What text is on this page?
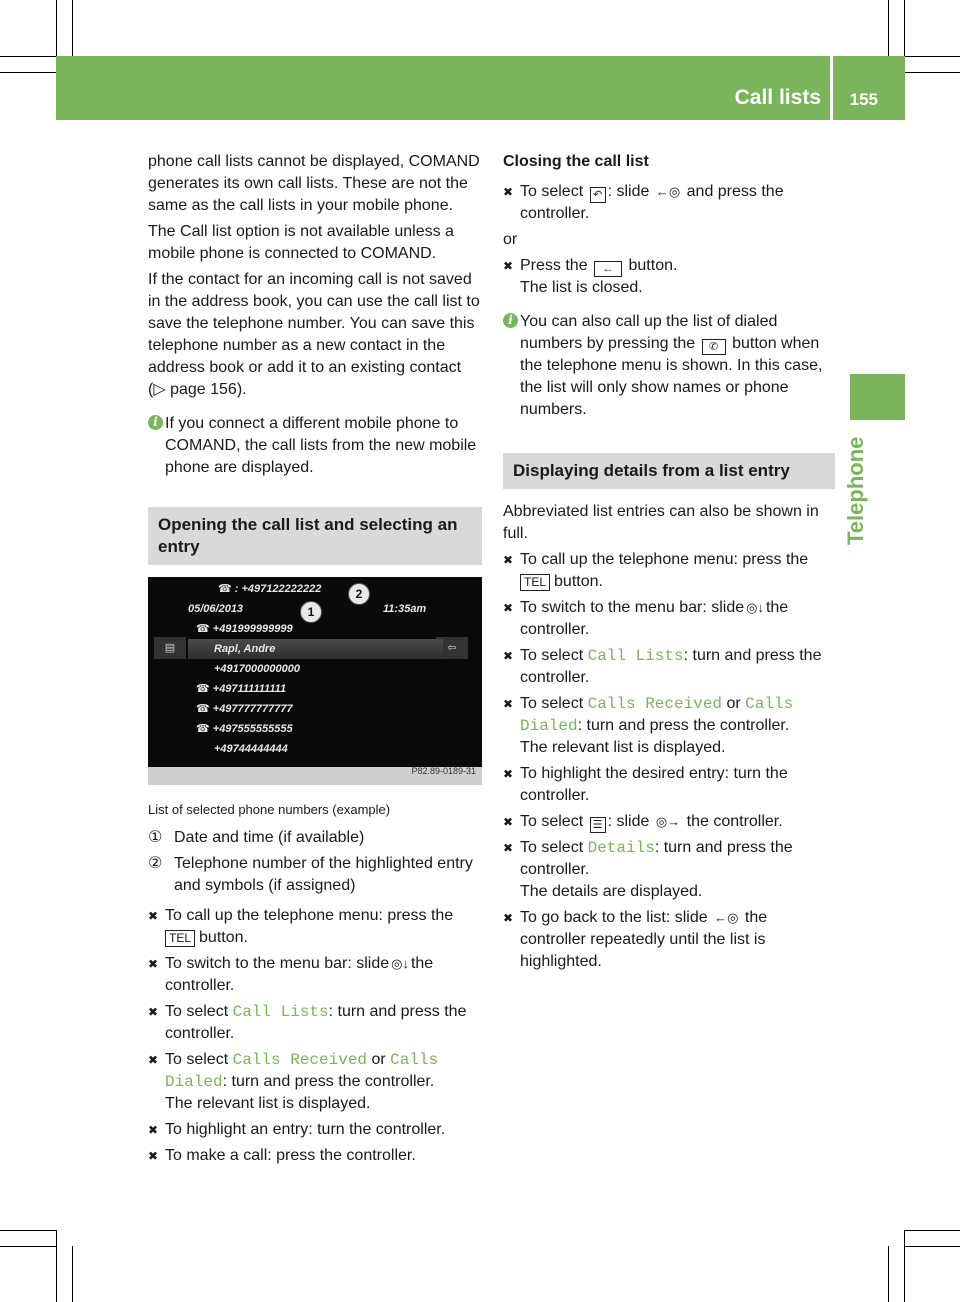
Call lists 155
Telephone

phone call lists cannot be displayed, COMAND generates its own call lists. These are not the same as the call lists in your mobile phone.

The Call list option is not available unless a mobile phone is connected to COMAND.

If the contact for an incoming call is not saved in the address book, you can use the call list to save the telephone number. You can save this telephone number as a new contact in the address book or add it to an existing contact (▷ page 156).

i If you connect a different mobile phone to COMAND, the call lists from the new mobile phone are displayed.
Opening the call list and selecting an entry
▤	⇦
☎ : +497122222222
05/06/2013	11:35am
☎ +491999999999
Rapl, Andre
+4917000000000
☎ +497111111111
☎ +497777777777
☎ +497555555555
+49744444444
1
2
P82.89-0189-31
List of selected phone numbers (example)
① Date and time (if available)
② Telephone number of the highlighted entry and symbols (if assigned)
✖ To call up the telephone menu: press the
TEL button.
✖ To switch to the menu bar: slide ◎↓ the controller.
✖ To select Call Lists: turn and press the controller.
✖ To select Calls Received or Calls Dialed: turn and press the controller.
The relevant list is displayed.
✖ To highlight an entry: turn the controller.
✖ To make a call: press the controller.

Closing the call list

✖ To select ↶ : slide ←◎ and press the controller.

or

✖ Press the ← button.
The list is closed.
i You can also call up the list of dialed numbers by pressing the ✆ button when the telephone menu is shown. In this case, the list will only show names or phone numbers.
Displaying details from a list entry

Abbreviated list entries can also be shown in full.

✖ To call up the telephone menu: press the
TEL button.
✖ To switch to the menu bar: slide ◎↓ the controller.
✖ To select Call Lists: turn and press the controller.
✖ To select Calls Received or Calls Dialed: turn and press the controller.
The relevant list is displayed.
✖ To highlight the desired entry: turn the controller.
✖ To select ☰ : slide ◎→ the controller.
✖ To select Details: turn and press the controller.
The details are displayed.
✖ To go back to the list: slide ←◎ the controller repeatedly until the list is highlighted.
